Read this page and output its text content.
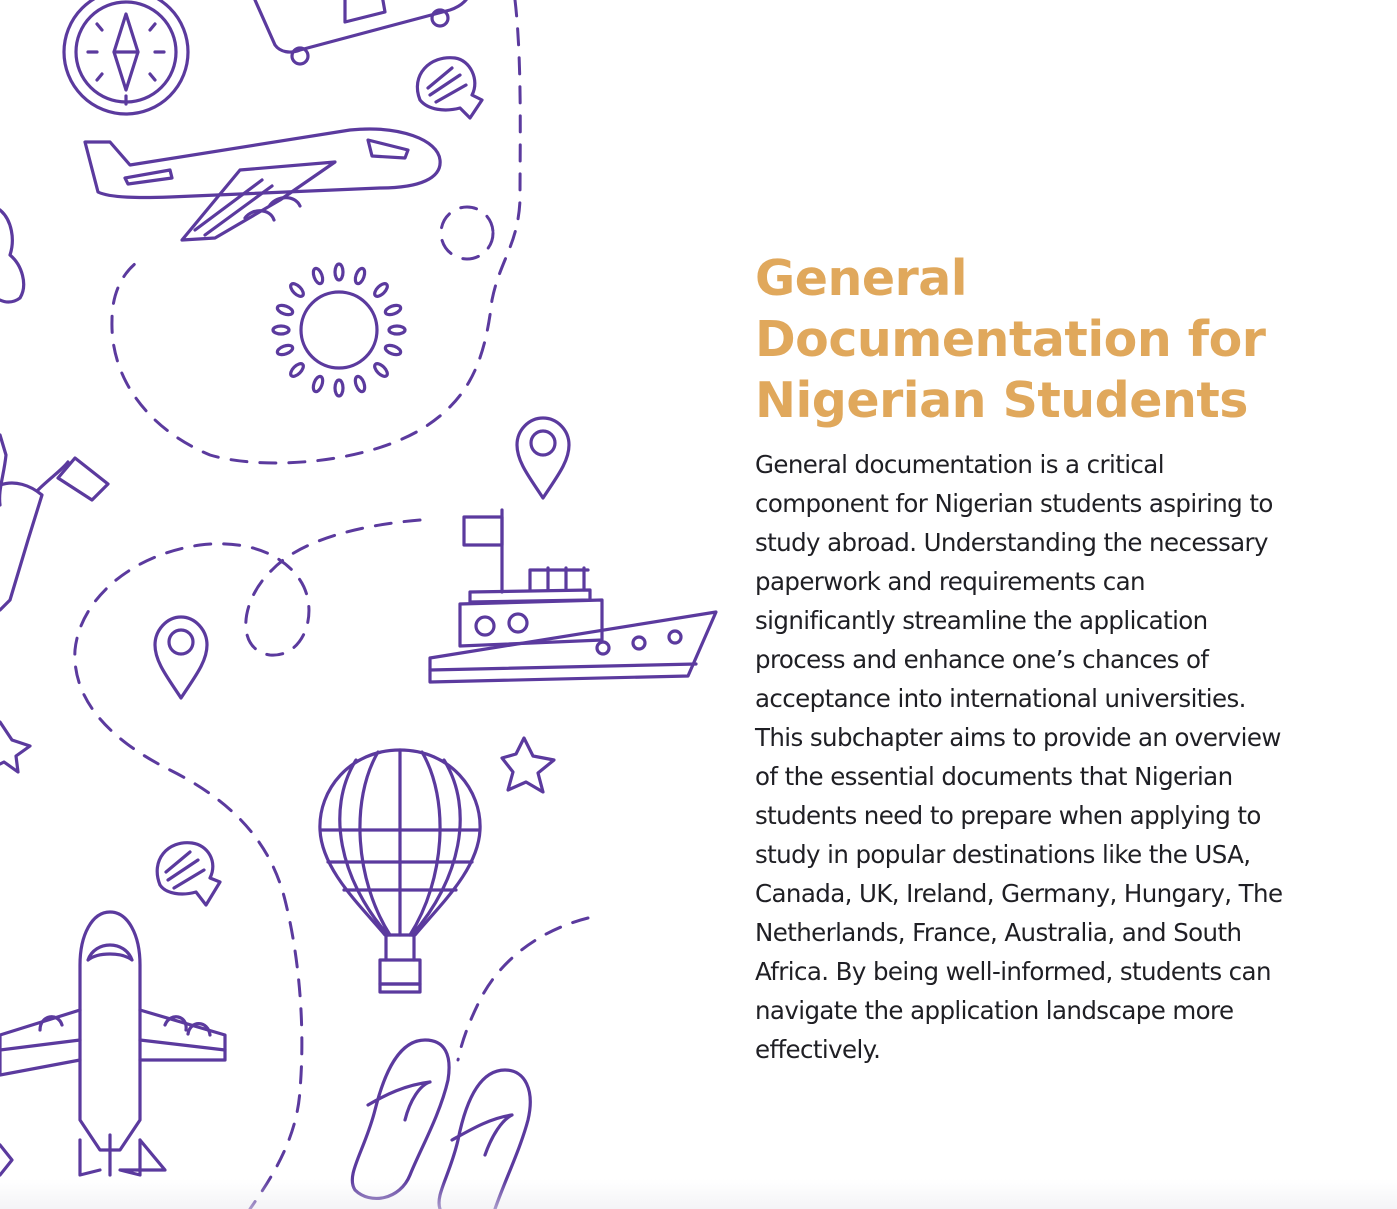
General Documentation for Nigerian Students

General documentation is a critical component for Nigerian students aspiring to study abroad. Understanding the necessary paperwork and requirements can significantly streamline the application process and enhance one’s chances of acceptance into international universities. This subchapter aims to provide an overview of the essential documents that Nigerian students need to prepare when applying to study in popular destinations like the USA, Canada, UK, Ireland, Germany, Hungary, The Netherlands, France, Australia, and South Africa. By being well-informed, students can navigate the application landscape more effectively.
